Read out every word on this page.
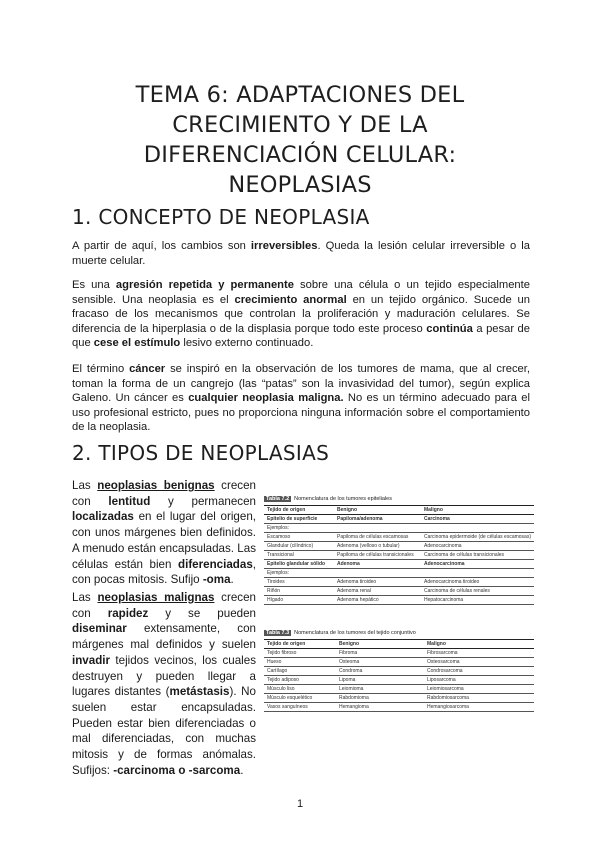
TEMA 6: ADAPTACIONES DEL
CRECIMIENTO Y DE LA
DIFERENCIACIÓN CELULAR:
NEOPLASIAS
1. CONCEPTO DE NEOPLASIA

A partir de aquí, los cambios son irreversibles. Queda la lesión celular irreversible o la muerte celular.

Es una agresión repetida y permanente sobre una célula o un tejido especialmente sensible. Una neoplasia es el crecimiento anormal en un tejido orgánico. Sucede un fracaso de los mecanismos que controlan la proliferación y maduración celulares. Se diferencia de la hiperplasia o de la displasia porque todo este proceso continúa a pesar de que cese el estímulo lesivo externo continuado.

El término cáncer se inspiró en la observación de los tumores de mama, que al crecer, toman la forma de un cangrejo (las “patas” son la invasividad del tumor), según explica Galeno. Un cáncer es cualquier neoplasia maligna. No es un término adecuado para el uso profesional estricto, pues no proporciona ninguna información sobre el comportamiento de la neoplasia.

2. TIPOS DE NEOPLASIAS

Las neoplasias benignas crecen con lentitud y permanecen localizadas en el lugar del origen, con unos márgenes bien definidos. A menudo están encapsuladas. Las células están bien diferenciadas, con pocas mitosis. Sufijo -oma.

Las neoplasias malignas crecen con rapidez y se pueden diseminar extensamente, con márgenes mal definidos y suelen invadir tejidos vecinos, los cuales destruyen y pueden llegar a lugares distantes (metástasis). No suelen estar encapsuladas. Pueden estar bien diferenciadas o mal diferenciadas, con muchas mitosis y de formas anómalas. Sufijos: -carcinoma o -sarcoma.

Tabla 7.2 Nomenclatura de los tumores epiteliales
Tejido de origen	Benigno	Maligno
Epitelio de superficie	Papiloma/adenoma	Carcinoma
Ejemplos:		
Escamoso	Papiloma de células escamosas	Carcinoma epidermoide (de células escamosas)
Glandular (cilíndrico)	Adenoma (velloso o tubular)	Adenocarcinoma
Transicional	Papiloma de células transicionales	Carcinoma de células transicionales
Epitelio glandular sólido	Adenoma	Adenocarcinoma
Ejemplos:		
Tiroides	Adenoma tiroideo	Adenocarcinoma tiroideo
Riñón	Adenoma renal	Carcinoma de células renales
Hígado	Adenoma hepático	Hepatocarcinoma
Tabla 7.3 Nomenclatura de los tumores del tejido conjuntivo
Tejido de origen	Benigno	Maligno
Tejido fibroso	Fibroma	Fibrosarcoma
Hueso	Osteoma	Osteosarcoma
Cartílago	Condroma	Condrosarcoma
Tejido adiposo	Lipoma	Liposarcoma
Músculo liso	Leiomioma	Leiomiosarcoma
Músculo esquelético	Rabdomioma	Rabdomiosarcoma
Vasos sanguíneos	Hemangioma	Hemangiosarcoma
1
